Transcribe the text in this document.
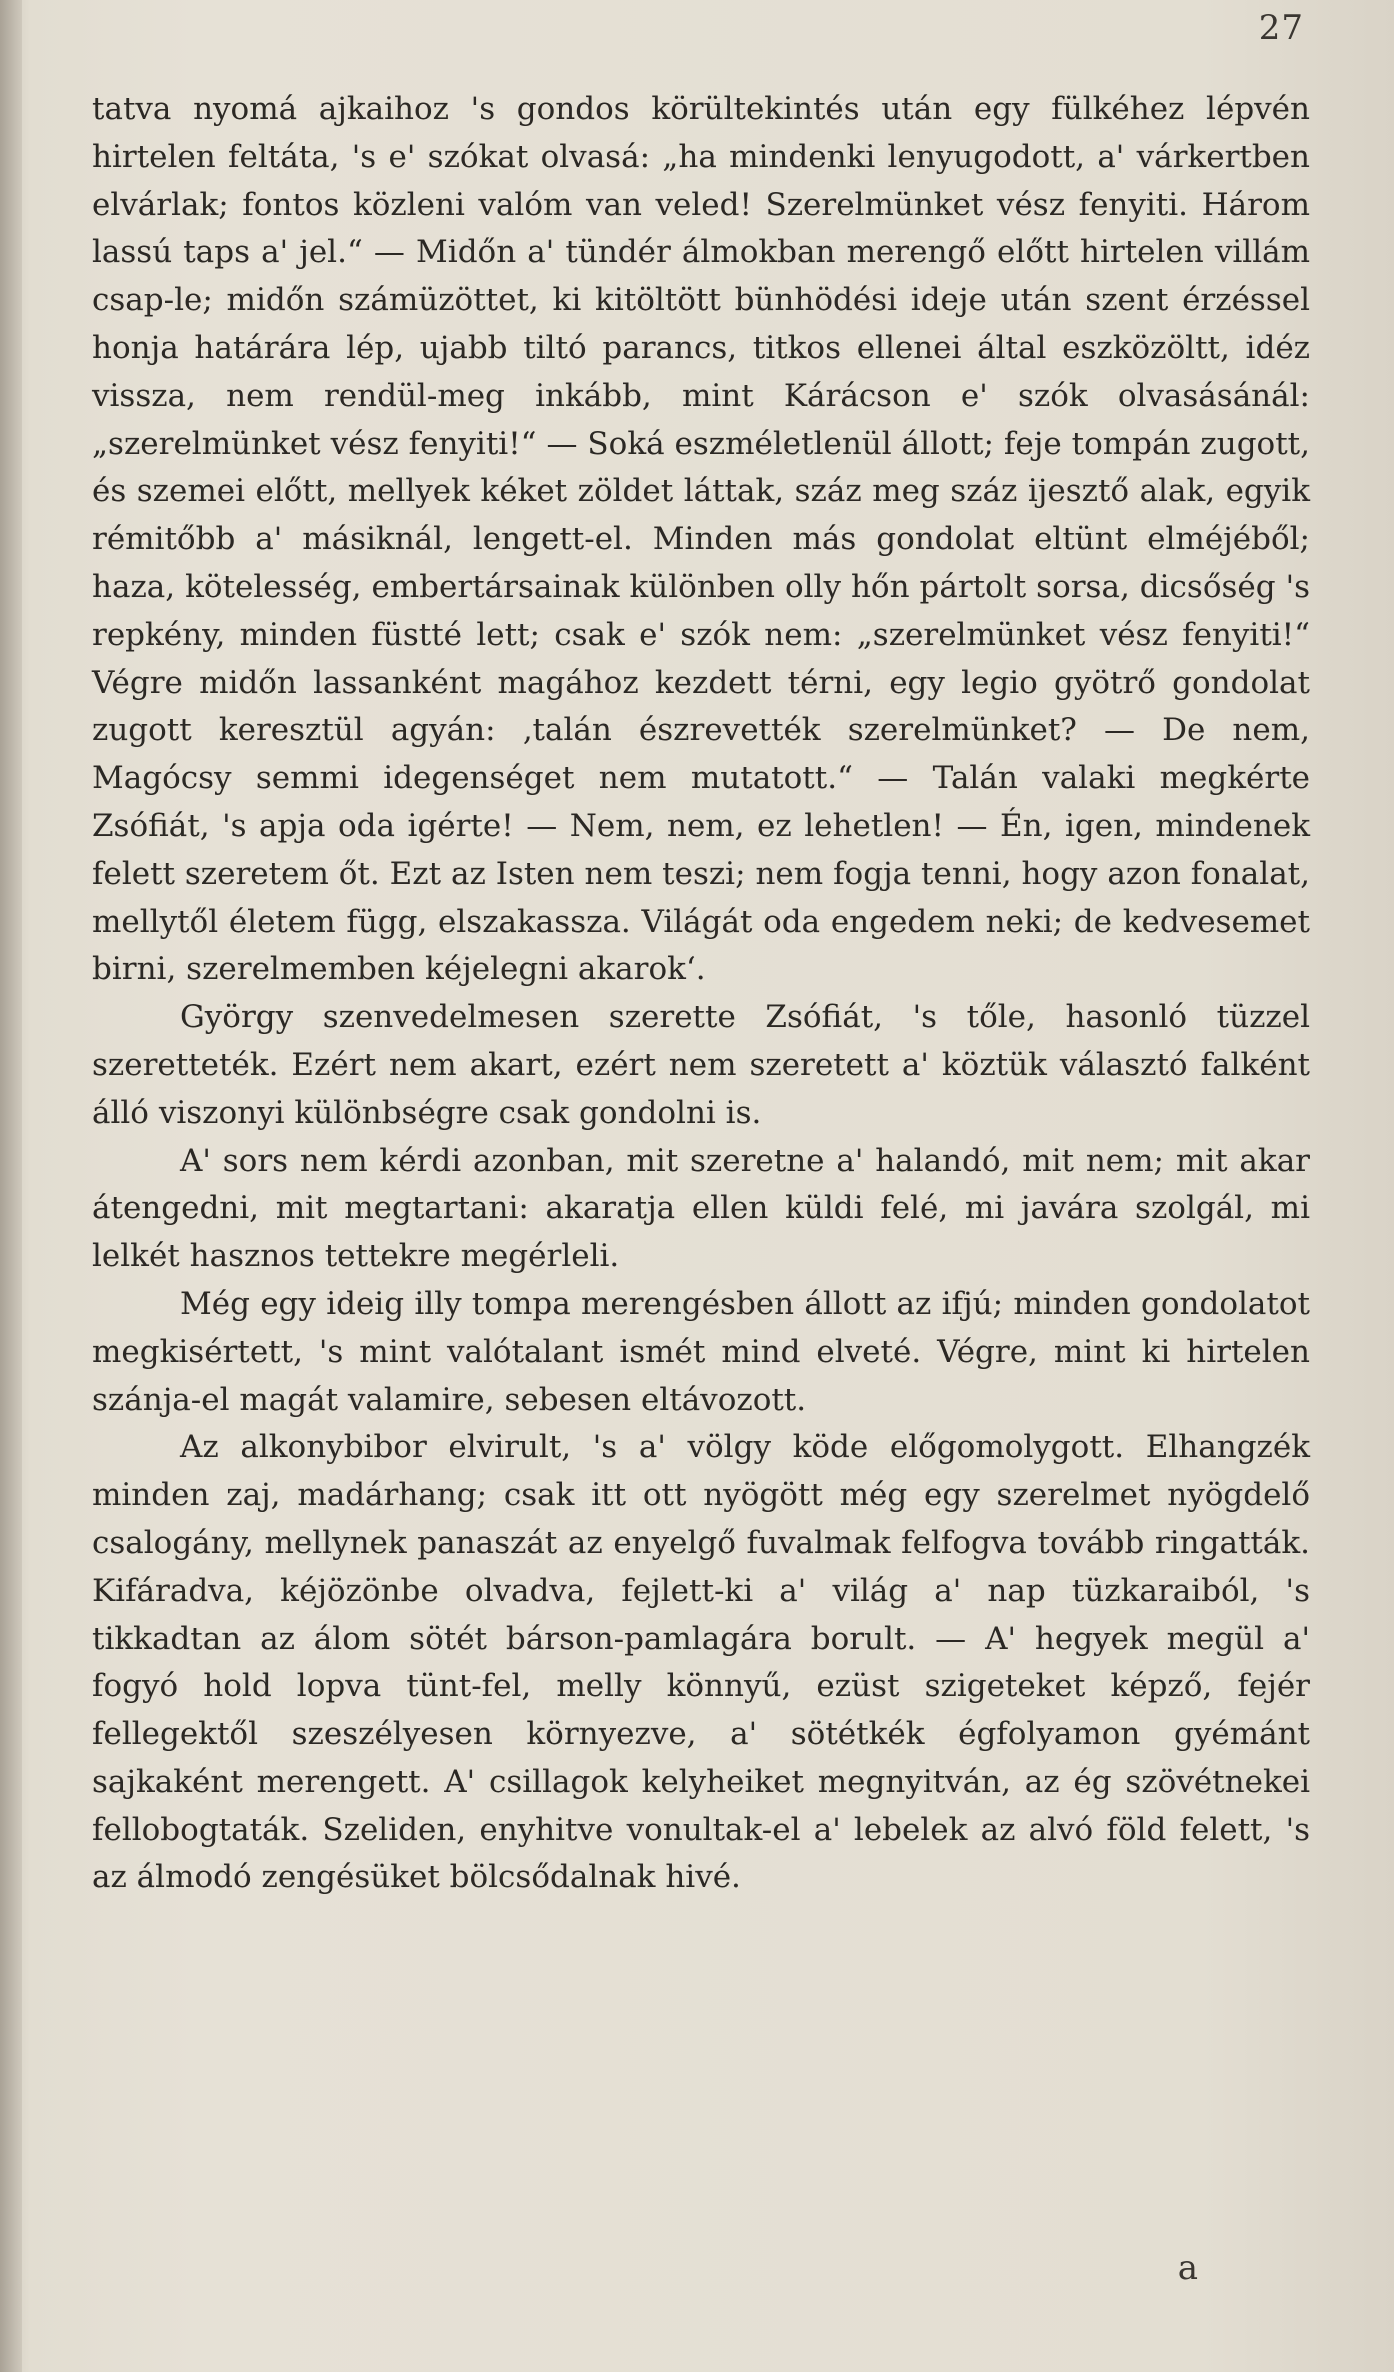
27

tatva nyomá ajkaihoz 's gondos körültekintés után egy fülkéhez lépvén hirtelen feltáta, 's e' szókat olvasá: „ha mindenki lenyugodott, a' várkertben elvárlak; fontos közleni valóm van veled! Szerelmünket vész fenyiti. Három lassú taps a' jel.“ — Midőn a' tündér álmokban merengő előtt hirtelen villám csap-le; midőn számüzöttet, ki kitöltött bünhödési ideje után szent érzéssel honja határára lép, ujabb tiltó parancs, titkos ellenei által eszközöltt, idéz vissza, nem rendül-meg inkább, mint Kárácson e' szók olvasásánál: „szerelmünket vész fenyiti!“ — Soká eszméletlenül állott; feje tompán zugott, és szemei előtt, mellyek kéket zöldet láttak, száz meg száz ijesztő alak, egyik rémitőbb a' másiknál, lengett-el. Minden más gondolat eltünt elméjéből; haza, kötelesség, embertársainak különben olly hőn pártolt sorsa, dicsőség 's repkény, minden füstté lett; csak e' szók nem: „szerelmünket vész fenyiti!“ Végre midőn lassanként magához kezdett térni, egy legio gyötrő gondolat zugott keresztül agyán: ‚talán észrevették szerelmünket? — De nem, Magócsy semmi idegenséget nem mutatott.“ — Talán valaki megkérte Zsófiát, 's apja oda igérte! — Nem, nem, ez lehetlen! — Én, igen, mindenek felett szeretem őt. Ezt az Isten nem teszi; nem fogja tenni, hogy azon fonalat, mellytől életem függ, elszakassza. Világát oda engedem neki; de kedvesemet birni, szerelmemben kéjelegni akarok‘.

György szenvedelmesen szerette Zsófiát, 's tőle, hasonló tüzzel szeretteték. Ezért nem akart, ezért nem szeretett a' köztük választó falként álló viszonyi különbségre csak gondolni is.

A' sors nem kérdi azonban, mit szeretne a' halandó, mit nem; mit akar átengedni, mit megtartani: akaratja ellen küldi felé, mi javára szolgál, mi lelkét hasznos tettekre megérleli.

Még egy ideig illy tompa merengésben állott az ifjú; minden gondolatot megkisértett, 's mint valótalant ismét mind elveté. Végre, mint ki hirtelen szánja-el magát valamire, sebesen eltávozott.

Az alkonybibor elvirult, 's a' völgy köde előgomolygott. Elhangzék minden zaj, madárhang; csak itt ott nyögött még egy szerelmet nyögdelő csalogány, mellynek panaszát az enyelgő fuvalmak felfogva tovább ringatták. Kifáradva, kéjözönbe olvadva, fejlett-ki a' világ a' nap tüzkaraiból, 's tikkadtan az álom sötét bárson-pamlagára borult. — A' hegyek megül a' fogyó hold lopva tünt-fel, melly könnyű, ezüst szigeteket képző, fejér fellegektől szeszélyesen környezve, a' sötétkék égfolyamon gyémánt sajkaként merengett. A' csillagok kelyheiket megnyitván, az ég szövétnekei fellobogtaták. Szeliden, enyhitve vonultak-el a' lebelek az alvó föld felett, 's az álmodó zengésüket bölcsődalnak hivé.

a
